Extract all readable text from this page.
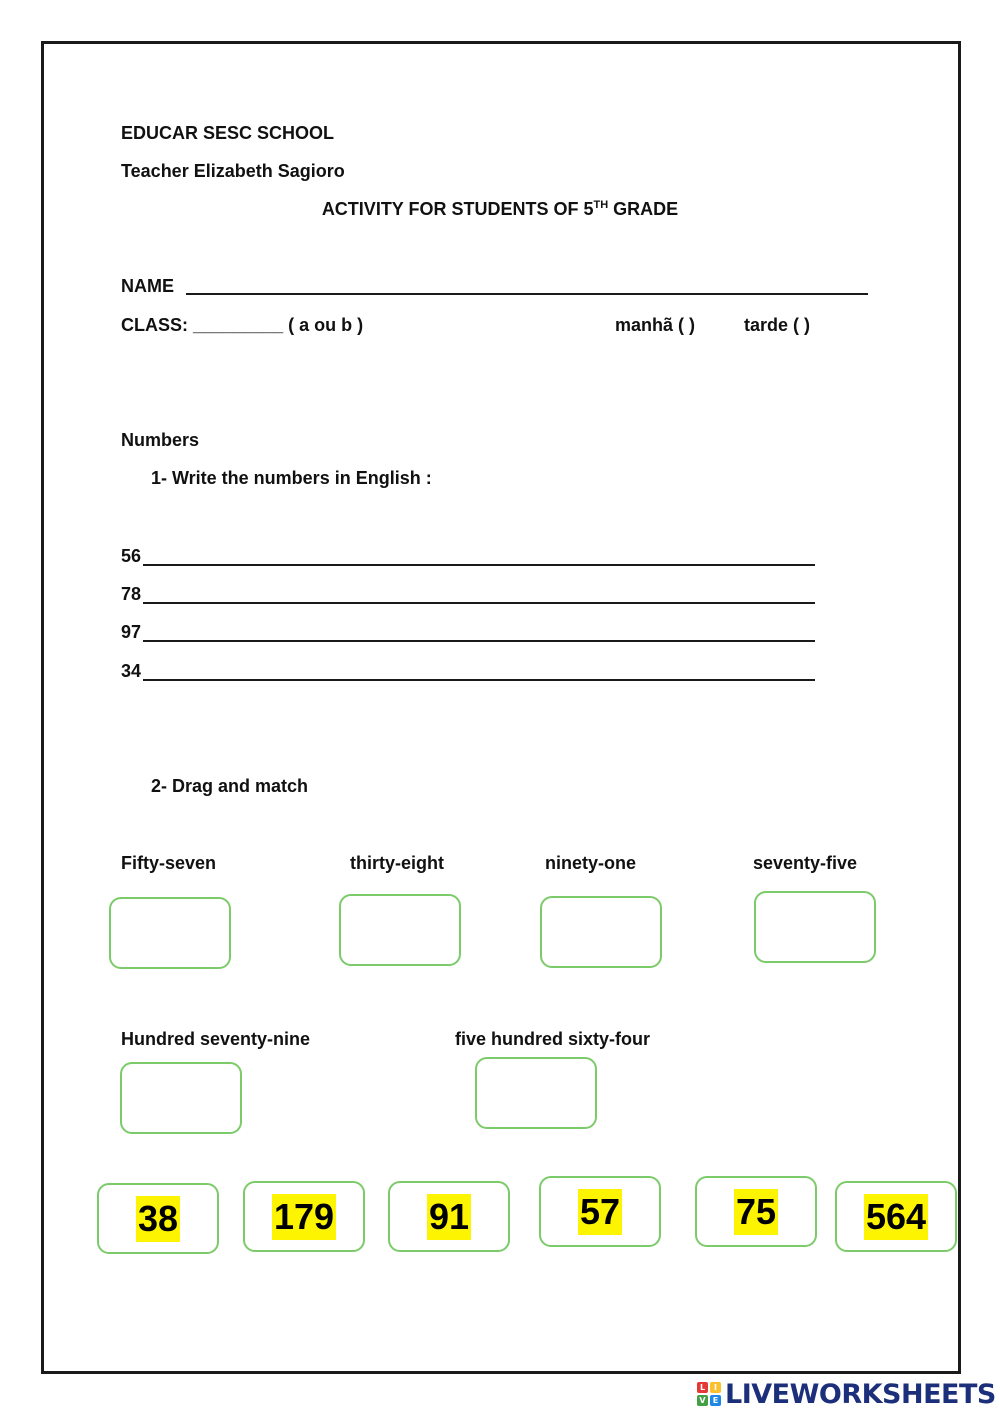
EDUCAR SESC SCHOOL
Teacher Elizabeth Sagioro
ACTIVITY FOR STUDENTS OF 5TH GRADE
NAME
CLASS: _________ ( a ou b )	manhã ( )	tarde ( )
Numbers
1- Write the numbers in English :
56
78
97
34
2- Drag and match
Fifty-seven	thirty-eight	ninety-one	seventy-five
Hundred seventy-nine	five hundred sixty-four
38	179	91	57	75 564
L	I
V E LIVEWORKSHEETS
